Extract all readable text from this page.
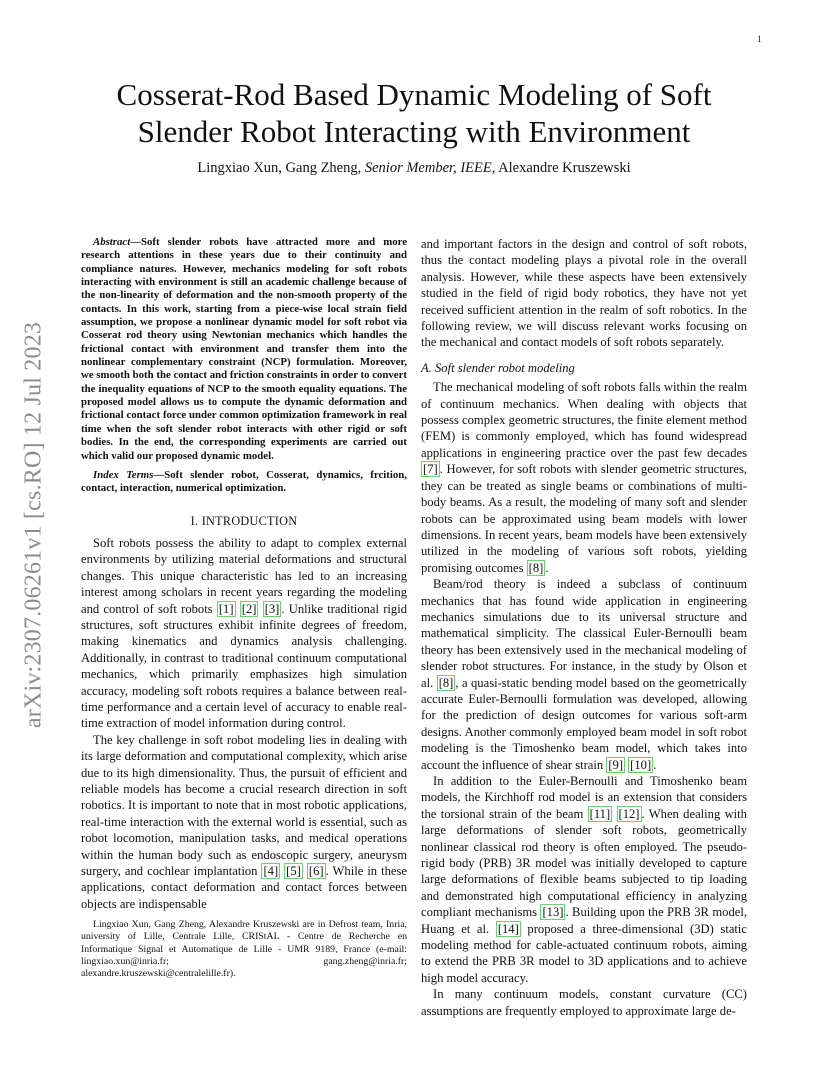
1
arXiv:2307.06261v1 [cs.RO] 12 Jul 2023
Cosserat-Rod Based Dynamic Modeling of Soft Slender Robot Interacting with Environment
Lingxiao Xun, Gang Zheng, Senior Member, IEEE, Alexandre Kruszewski

Abstract—Soft slender robots have attracted more and more research attentions in these years due to their continuity and compliance natures. However, mechanics modeling for soft robots interacting with environment is still an academic challenge because of the non-linearity of deformation and the non-smooth property of the contacts. In this work, starting from a piece-wise local strain field assumption, we propose a nonlinear dynamic model for soft robot via Cosserat rod theory using Newtonian mechanics which handles the frictional contact with environment and transfer them into the nonlinear complementary constraint (NCP) formulation. Moreover, we smooth both the contact and friction constraints in order to convert the inequality equations of NCP to the smooth equality equations. The proposed model allows us to compute the dynamic deformation and frictional contact force under common optimization framework in real time when the soft slender robot interacts with other rigid or soft bodies. In the end, the corresponding experiments are carried out which valid our proposed dynamic model.

Index Terms—Soft slender robot, Cosserat, dynamics, frcition, contact, interaction, numerical optimization.

I. INTRODUCTION

Soft robots possess the ability to adapt to complex external environments by utilizing material deformations and structural changes. This unique characteristic has led to an increasing interest among scholars in recent years regarding the modeling and control of soft robots [1] [2] [3] . Unlike traditional rigid structures, soft structures exhibit infinite degrees of freedom, making kinematics and dynamics analysis challenging. Additionally, in contrast to traditional continuum computational mechanics, which primarily emphasizes high simulation accuracy, modeling soft robots requires a balance between real-time performance and a certain level of accuracy to enable real-time extraction of model information during control.

The key challenge in soft robot modeling lies in dealing with its large deformation and computational complexity, which arise due to its high dimensionality. Thus, the pursuit of efficient and reliable models has become a crucial research direction in soft robotics. It is important to note that in most robotic applications, real-time interaction with the external world is essential, such as robot locomotion, manipulation tasks, and medical operations within the human body such as endoscopic surgery, aneurysm surgery, and cochlear implantation [4] [5] [6] . While in these applications, contact deformation and contact forces between objects are indispensable

Lingxiao Xun, Gang Zheng, Alexandre Kruszewski are in Defrost team, Inria, university of Lille, Centrale Lille, CRIStAL - Centre de Recherche en Informatique Signal et Automatique de Lille - UMR 9189, France (e-mail: lingxiao.xun@inria.fr; gang.zheng@inria.fr; alexandre.kruszewski@centralelille.fr).

and important factors in the design and control of soft robots, thus the contact modeling plays a pivotal role in the overall analysis. However, while these aspects have been extensively studied in the field of rigid body robotics, they have not yet received sufficient attention in the realm of soft robotics. In the following review, we will discuss relevant works focusing on the mechanical and contact models of soft robots separately.

A. Soft slender robot modeling

The mechanical modeling of soft robots falls within the realm of continuum mechanics. When dealing with objects that possess complex geometric structures, the finite element method (FEM) is commonly employed, which has found widespread applications in engineering practice over the past few decades [7] . However, for soft robots with slender geometric structures, they can be treated as single beams or combinations of multi-body beams. As a result, the modeling of many soft and slender robots can be approximated using beam models with lower dimensions. In recent years, beam models have been extensively utilized in the modeling of various soft robots, yielding promising outcomes [8] .

Beam/rod theory is indeed a subclass of continuum mechanics that has found wide application in engineering mechanics simulations due to its universal structure and mathematical simplicity. The classical Euler-Bernoulli beam theory has been extensively used in the mechanical modeling of slender robot structures. For instance, in the study by Olson et al. [8] , a quasi-static bending model based on the geometrically accurate Euler-Bernoulli formulation was developed, allowing for the prediction of design outcomes for various soft-arm designs. Another commonly employed beam model in soft robot modeling is the Timoshenko beam model, which takes into account the influence of shear strain [9] [10] .

In addition to the Euler-Bernoulli and Timoshenko beam models, the Kirchhoff rod model is an extension that considers the torsional strain of the beam [11] [12] . When dealing with large deformations of slender soft robots, geometrically nonlinear classical rod theory is often employed. The pseudo-rigid body (PRB) 3R model was initially developed to capture large deformations of flexible beams subjected to tip loading and demonstrated high computational efficiency in analyzing compliant mechanisms [13] . Building upon the PRB 3R model, Huang et al. [14] proposed a three-dimensional (3D) static modeling method for cable-actuated continuum robots, aiming to extend the PRB 3R model to 3D applications and to achieve high model accuracy.

In many continuum models, constant curvature (CC) assumptions are frequently employed to approximate large de-
